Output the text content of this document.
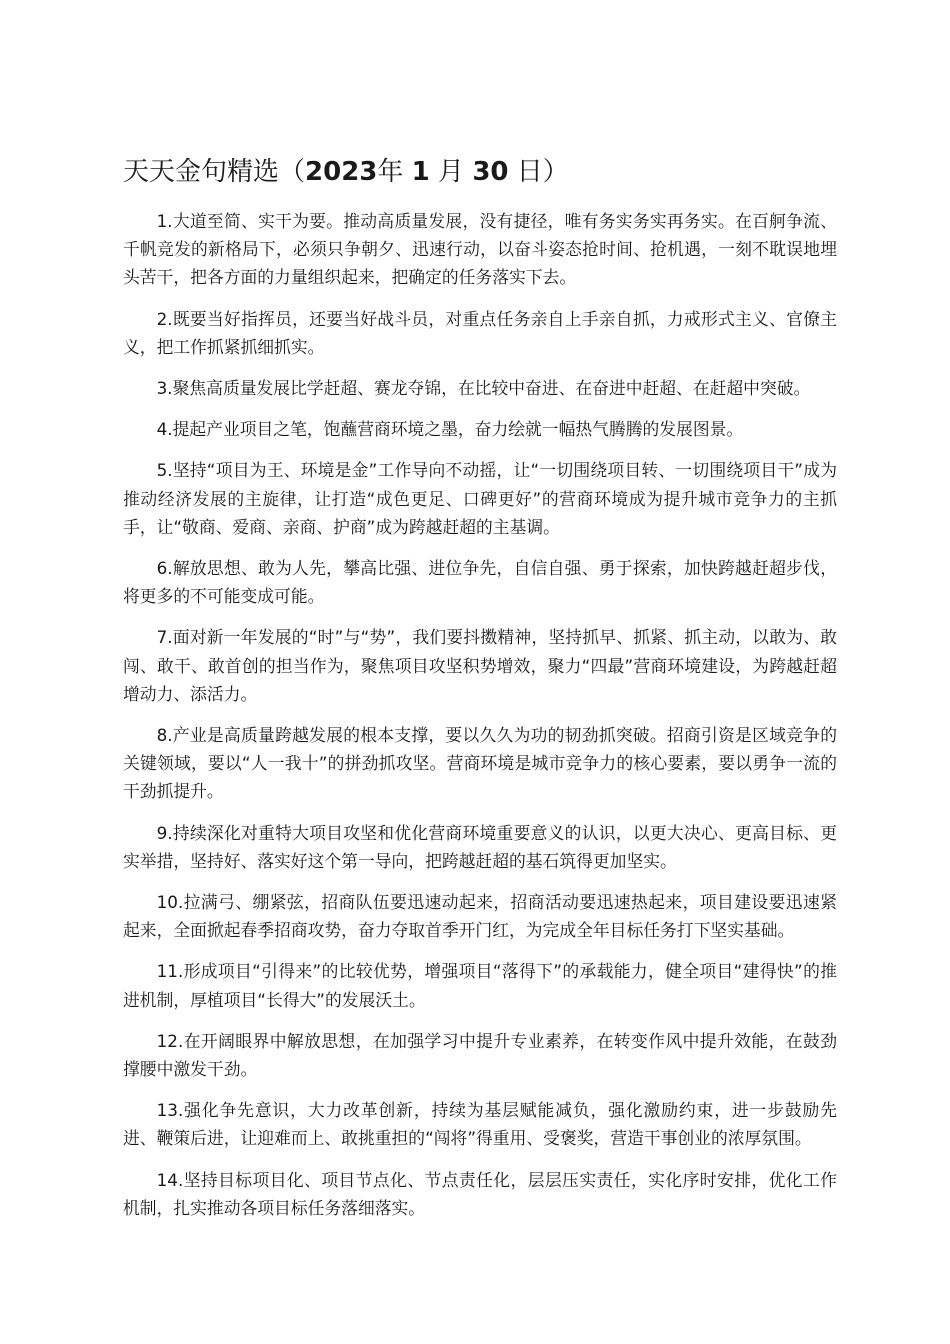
天天金句精选（2023年 1 月 30 日）

1.大道至简、实干为要。推动高质量发展，没有捷径，唯有务实务实再务实。在百舸争流、千帆竞发的新格局下，必须只争朝夕、迅速行动，以奋斗姿态抢时间、抢机遇，一刻不耽误地埋头苦干，把各方面的力量组织起来，把确定的任务落实下去。

2.既要当好指挥员，还要当好战斗员，对重点任务亲自上手亲自抓，力戒形式主义、官僚主义，把工作抓紧抓细抓实。

3.聚焦高质量发展比学赶超、赛龙夺锦，在比较中奋进、在奋进中赶超、在赶超中突破。

4.提起产业项目之笔，饱蘸营商环境之墨，奋力绘就一幅热气腾腾的发展图景。

5.坚持“项目为王、环境是金”工作导向不动摇，让“一切围绕项目转、一切围绕项目干”成为推动经济发展的主旋律，让打造“成色更足、口碑更好”的营商环境成为提升城市竞争力的主抓手，让“敬商、爱商、亲商、护商”成为跨越赶超的主基调。

6.解放思想、敢为人先，攀高比强、进位争先，自信自强、勇于探索，加快跨越赶超步伐，将更多的不可能变成可能。

7.面对新一年发展的“时”与“势”，我们要抖擞精神，坚持抓早、抓紧、抓主动，以敢为、敢闯、敢干、敢首创的担当作为，聚焦项目攻坚积势增效，聚力“四最”营商环境建设，为跨越赶超增动力、添活力。

8.产业是高质量跨越发展的根本支撑，要以久久为功的韧劲抓突破。招商引资是区域竞争的关键领域，要以“人一我十”的拼劲抓攻坚。营商环境是城市竞争力的核心要素，要以勇争一流的干劲抓提升。

9.持续深化对重特大项目攻坚和优化营商环境重要意义的认识，以更大决心、更高目标、更实举措，坚持好、落实好这个第一导向，把跨越赶超的基石筑得更加坚实。

10.拉满弓、绷紧弦，招商队伍要迅速动起来，招商活动要迅速热起来，项目建设要迅速紧起来，全面掀起春季招商攻势，奋力夺取首季开门红，为完成全年目标任务打下坚实基础。

11.形成项目“引得来”的比较优势，增强项目“落得下”的承载能力，健全项目“建得快”的推进机制，厚植项目“长得大”的发展沃土。

12.在开阔眼界中解放思想，在加强学习中提升专业素养，在转变作风中提升效能，在鼓劲撑腰中激发干劲。

13.强化争先意识，大力改革创新，持续为基层赋能减负，强化激励约束，进一步鼓励先进、鞭策后进，让迎难而上、敢挑重担的“闯将”得重用、受褒奖，营造干事创业的浓厚氛围。

14.坚持目标项目化、项目节点化、节点责任化，层层压实责任，实化序时安排，优化工作机制，扎实推动各项目标任务落细落实。
